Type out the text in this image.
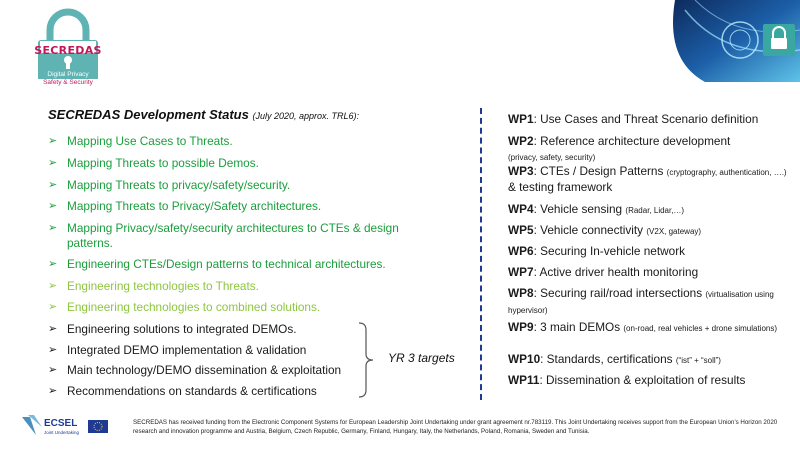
SECREDAS
Digital Privacy
Safety & Security
SECREDAS Development Status (July 2020, approx. TRL6):
➢ Mapping Use Cases to Threats.
➢ Mapping Threats to possible Demos.
➢ Mapping Threats to privacy/safety/security.
➢ Mapping Threats to Privacy/Safety architectures.
➢ Mapping Privacy/safety/security architectures to CTEs & design patterns.
➢ Engineering CTEs/Design patterns to technical architectures.
➢ Engineering technologies to Threats.
➢ Engineering technologies to combined solutions.
➢ Engineering solutions to integrated DEMOs.
➢ Integrated DEMO implementation & validation
➢ Main technology/DEMO dissemination & exploitation
➢ Recommendations on standards & certifications
YR 3 targets
WP1: Use Cases and Threat Scenario definition
WP2: Reference architecture development
(privacy, safety, security)
WP3: CTEs / Design Patterns (cryptography, authentication, ….) & testing framework
WP4: Vehicle sensing (Radar, Lidar,…)
WP5: Vehicle connectivity (V2X, gateway)
WP6: Securing In-vehicle network
WP7: Active driver health monitoring
WP8: Securing rail/road intersections (virtualisation using hypervisor)
WP9: 3 main DEMOs (on-road, real vehicles + drone simulations)
WP10: Standards, certifications (“ist” + “soll”)
WP11: Dissemination & exploitation of results
ECSEL
Joint Undertaking
SECREDAS has received funding from the Electronic Component Systems for European Leadership Joint Undertaking under grant agreement nr.783119. This Joint Undertaking receives support from the European Union’s Horizon 2020 research and innovation programme and Austria, Belgium, Czech Republic, Germany, Finland, Hungary, Italy, the Netherlands, Poland, Romania, Sweden and Tunisia.
